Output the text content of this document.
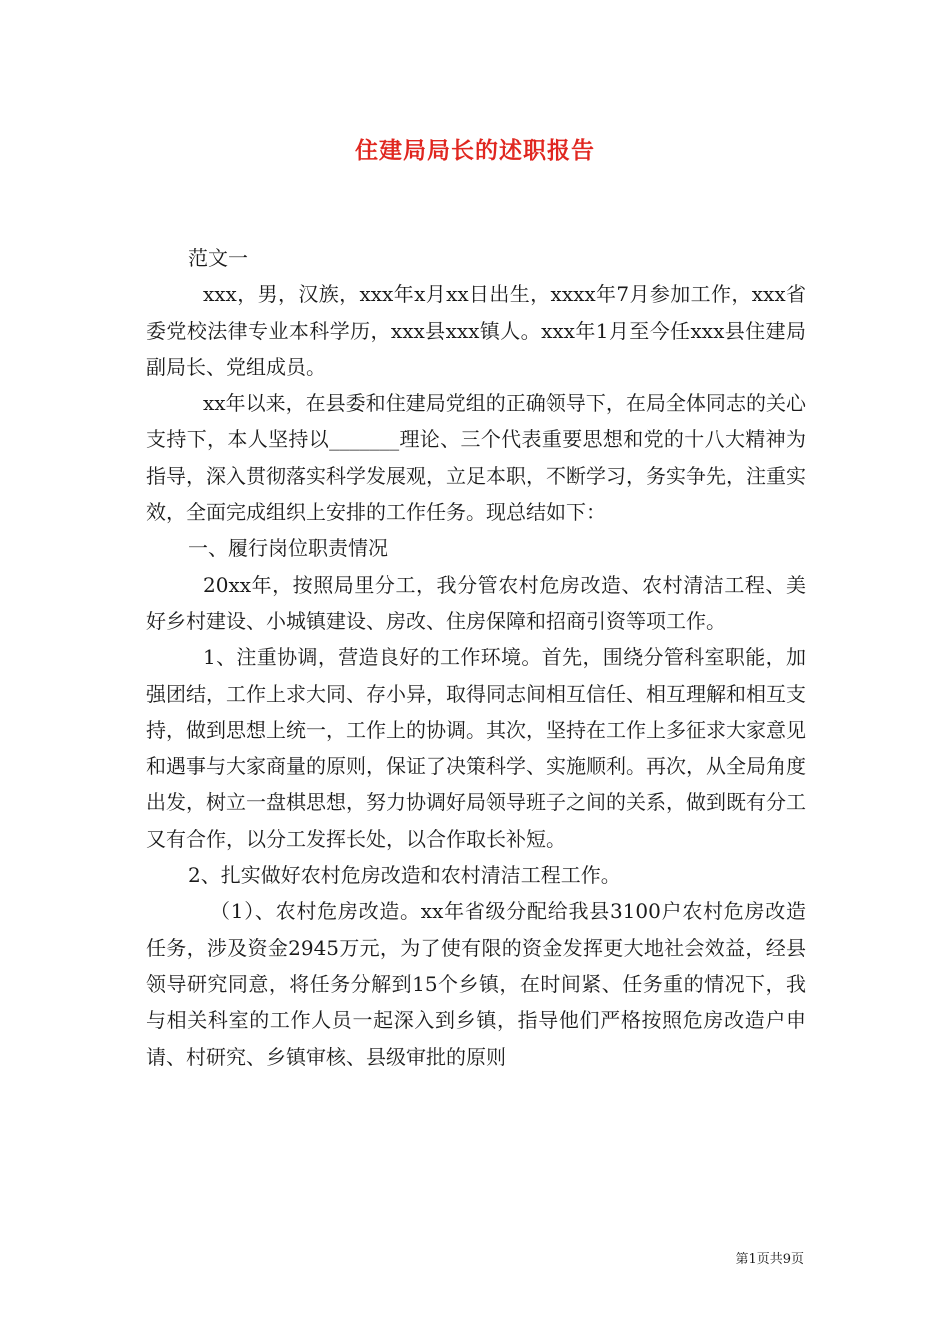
住建局局长的述职报告

范文一

xxx，男，汉族，xxx年x月xx日出生，xxxx年7月参加工作，xxx省委党校法律专业本科学历，xxx县xxx镇人。xxx年1月至今任xxx县住建局副局长、党组成员。

xx年以来，在县委和住建局党组的正确领导下，在局全体同志的关心支持下，本人坚持以_______理论、三个代表重要思想和党的十八大精神为指导，深入贯彻落实科学发展观，立足本职，不断学习，务实争先，注重实效，全面完成组织上安排的工作任务。现总结如下：

一、履行岗位职责情况

20xx年，按照局里分工，我分管农村危房改造、农村清洁工程、美好乡村建设、小城镇建设、房改、住房保障和招商引资等项工作。

1、注重协调，营造良好的工作环境。首先，围绕分管科室职能，加强团结，工作上求大同、存小异，取得同志间相互信任、相互理解和相互支持，做到思想上统一，工作上的协调。其次，坚持在工作上多征求大家意见和遇事与大家商量的原则，保证了决策科学、实施顺利。再次，从全局角度出发，树立一盘棋思想，努力协调好局领导班子之间的关系，做到既有分工又有合作，以分工发挥长处，以合作取长补短。

2、扎实做好农村危房改造和农村清洁工程工作。

（1）、农村危房改造。xx年省级分配给我县3100户农村危房改造任务，涉及资金2945万元，为了使有限的资金发挥更大地社会效益，经县领导研究同意，将任务分解到15个乡镇，在时间紧、任务重的情况下，我与相关科室的工作人员一起深入到乡镇，指导他们严格按照危房改造户申请、村研究、乡镇审核、县级审批的原则

第1页共9页
